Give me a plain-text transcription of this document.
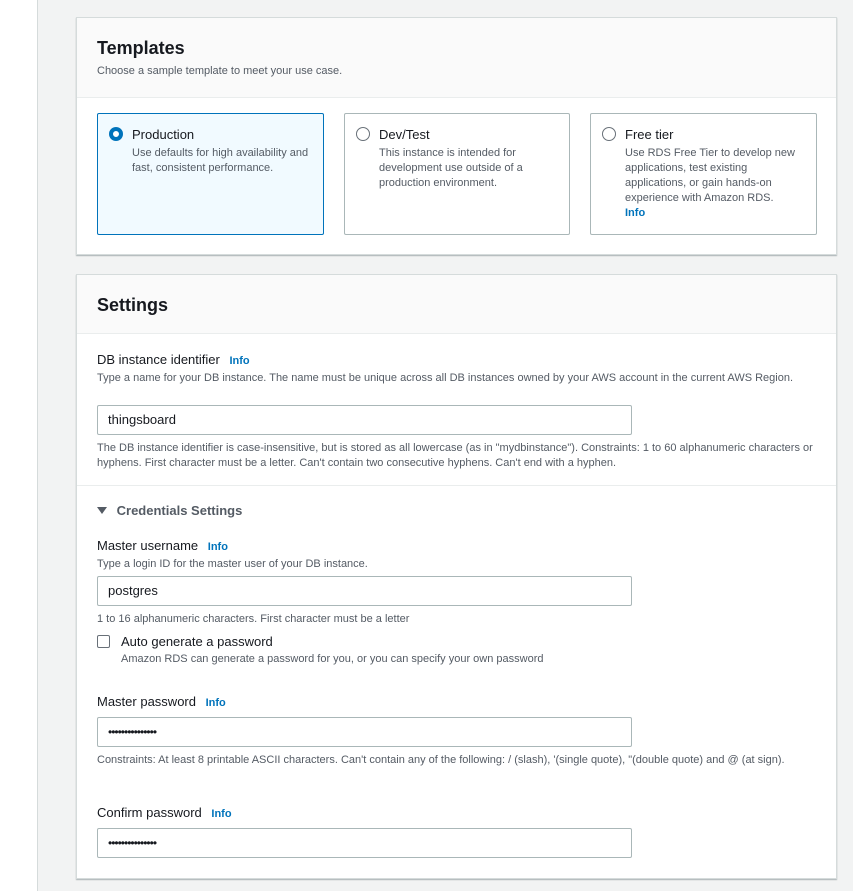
Templates
Choose a sample template to meet your use case.
Production
Use defaults for high availability and fast, consistent performance.
Dev/Test
This instance is intended for development use outside of a production environment.
Free tier
Use RDS Free Tier to develop new applications, test existing applications, or gain hands-on experience with Amazon RDS.
Info
Settings
DB instance identifier Info
Type a name for your DB instance. The name must be unique across all DB instances owned by your AWS account in the current AWS Region.
thingsboard
The DB instance identifier is case-insensitive, but is stored as all lowercase (as in "mydbinstance"). Constraints: 1 to 60 alphanumeric characters or hyphens. First character must be a letter. Can't contain two consecutive hyphens. Can't end with a hyphen.
Credentials Settings
Master username Info
Type a login ID for the master user of your DB instance.
postgres
1 to 16 alphanumeric characters. First character must be a letter
Auto generate a password
Amazon RDS can generate a password for you, or you can specify your own password
Master password Info
•••••••••••••••
Constraints: At least 8 printable ASCII characters. Can't contain any of the following: / (slash), '(single quote), "(double quote) and @ (at sign).
Confirm password Info
•••••••••••••••
